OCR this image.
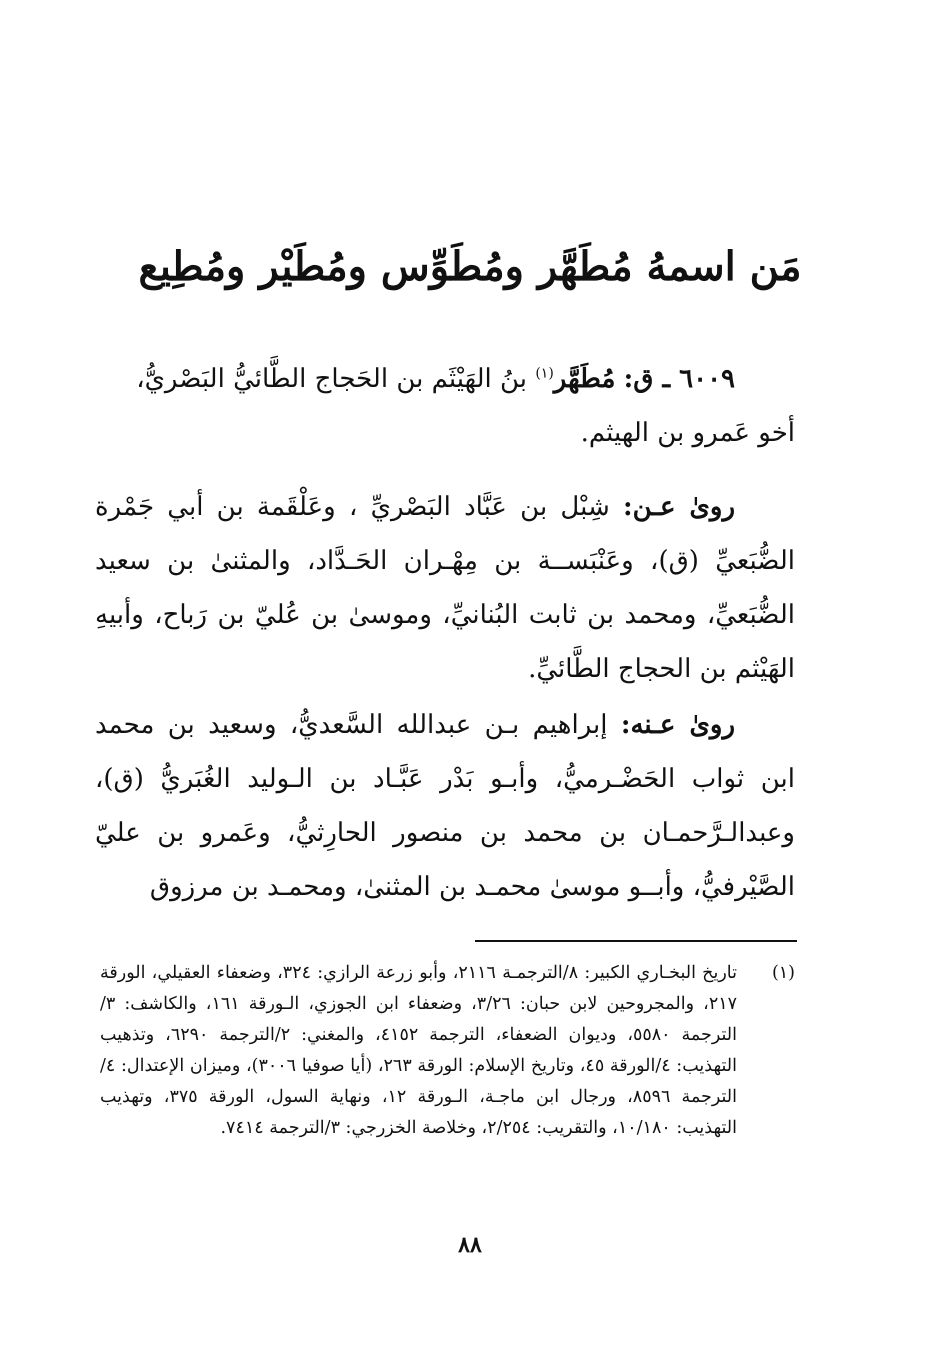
مَن اسمهُ مُطَهَّر ومُطَوِّس ومُطَيْر ومُطِيع
٦٠٠٩ ـ ق: مُطَهَّر$^{(١)}$ بنُ الهَيْثَم بن الحَجاج الطَّائيُّ البَصْريُّ،
أخو عَمرو بن الهيثم.
روىٰ عـن: شِبْل بن عَبَّاد البَصْريِّ ، وعَلْقَمة بن أبي جَمْرة الضُّبَعيِّ (ق)، وعَنْبَســة بن مِهْـران الحَـدَّاد، والمثنىٰ بن سعيد الضُّبَعيِّ، ومحمد بن ثابت البُنانيِّ، وموسىٰ بن عُليّ بن رَباح، وأبيهِ الهَيْثم بن الحجاج الطَّائيِّ.
روىٰ عـنه: إبراهيم بـن عبدالله السَّعديُّ، وسعيد بن محمد ابن ثواب الحَضْـرميُّ، وأبـو بَدْر عَبَّـاد بن الـوليد الغُبَريُّ (ق)، وعبدالـرَّحمـان بن محمد بن منصور الحارِثيُّ، وعَمرو بن عليّ الصَّيْرفيُّ، وأبــو موسىٰ محمـد بن المثنىٰ، ومحمـد بن مرزوق
(١)
تاريخ البخـاري الكبير: ٨/الترجمـة ٢١١٦، وأبو زرعة الرازي: ٣٢٤، وضعفاء العقيلي، الورقة ٢١٧، والمجروحين لابن حبان: ٣/٢٦، وضعفاء ابن الجوزي، الـورقة ١٦١، والكاشف: ٣/الترجمة ٥٥٨٠، وديوان الضعفاء، الترجمة ٤١٥٢، والمغني: ٢/الترجمة ٦٢٩٠، وتذهيب التهذيب: ٤/الورقة ٤٥، وتاريخ الإسلام: الورقة ٢٦٣، (أيا صوفيا ٣٠٠٦)، وميزان الإعتدال: ٤/الترجمة ٨٥٩٦، ورجال ابن ماجـة، الـورقة ١٢، ونهاية السول، الورقة ٣٧٥، وتهذيب التهذيب: ١٠/١٨٠، والتقريب: ٢/٢٥٤، وخلاصة الخزرجي: ٣/الترجمة ٧٤١٤.
٨٨
